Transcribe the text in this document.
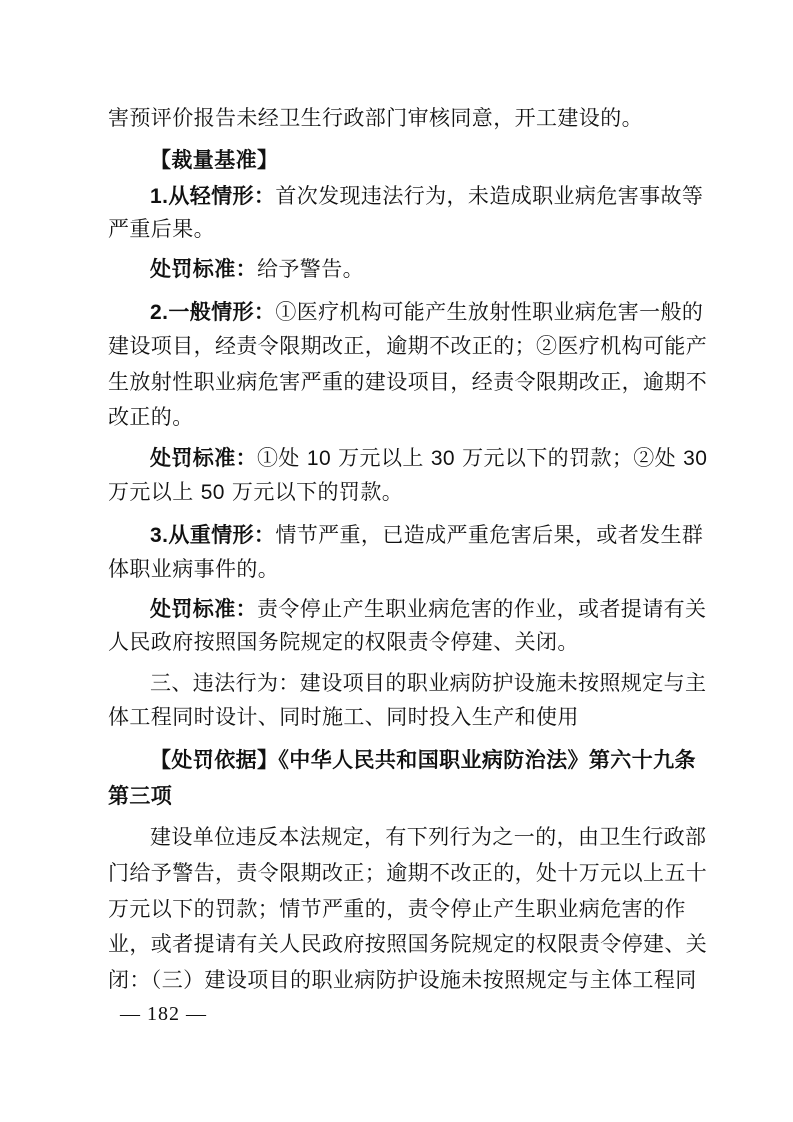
害预评价报告未经卫生行政部门审核同意，开工建设的。
【裁量基准】
1.从轻情形：首次发现违法行为，未造成职业病危害事故等
严重后果。
处罚标准：给予警告。
2.一般情形：①医疗机构可能产生放射性职业病危害一般的
建设项目，经责令限期改正，逾期不改正的；②医疗机构可能产
生放射性职业病危害严重的建设项目，经责令限期改正，逾期不
改正的。
处罚标准：①处 10 万元以上 30 万元以下的罚款；②处 30
万元以上 50 万元以下的罚款。
3.从重情形：情节严重，已造成严重危害后果，或者发生群
体职业病事件的。
处罚标准：责令停止产生职业病危害的作业，或者提请有关
人民政府按照国务院规定的权限责令停建、关闭。
三、违法行为：建设项目的职业病防护设施未按照规定与主
体工程同时设计、同时施工、同时投入生产和使用
【处罚依据】《中华人民共和国职业病防治法》第六十九条
第三项
建设单位违反本法规定，有下列行为之一的，由卫生行政部
门给予警告，责令限期改正；逾期不改正的，处十万元以上五十
万元以下的罚款；情节严重的，责令停止产生职业病危害的作
业，或者提请有关人民政府按照国务院规定的权限责令停建、关
闭：（三）建设项目的职业病防护设施未按照规定与主体工程同
— 182 —
